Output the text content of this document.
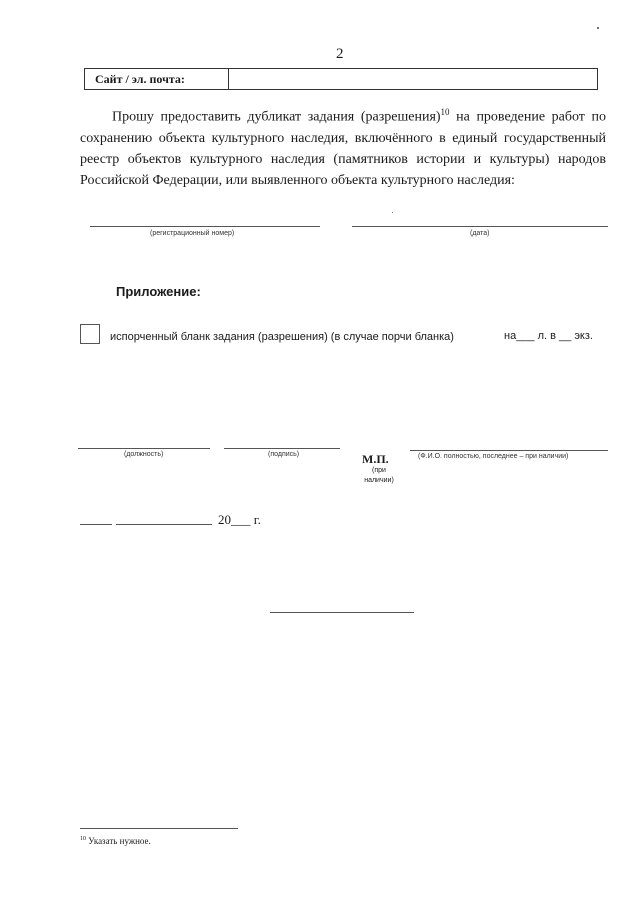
2
Сайт / эл. почта:

Прошу предоставить дубликат задания (разрешения)$^{10}$ на проведение работ по сохранению объекта культурного наследия, включённого в единый государственный реестр объектов культурного наследия (памятников истории и культуры) народов Российской Федерации, или выявленного объекта культурного наследия:

(регистрационный номер)	(дата)
Приложение:
испорченный бланк задания (разрешения) (в случае порчи бланка)	на___ л. в __ экз.
(должность)	(подпись)	М.П.
(при наличии)
(Ф.И.О. полностью, последнее – при наличии)
20___ г.
$^{10}$ Указать нужное.
